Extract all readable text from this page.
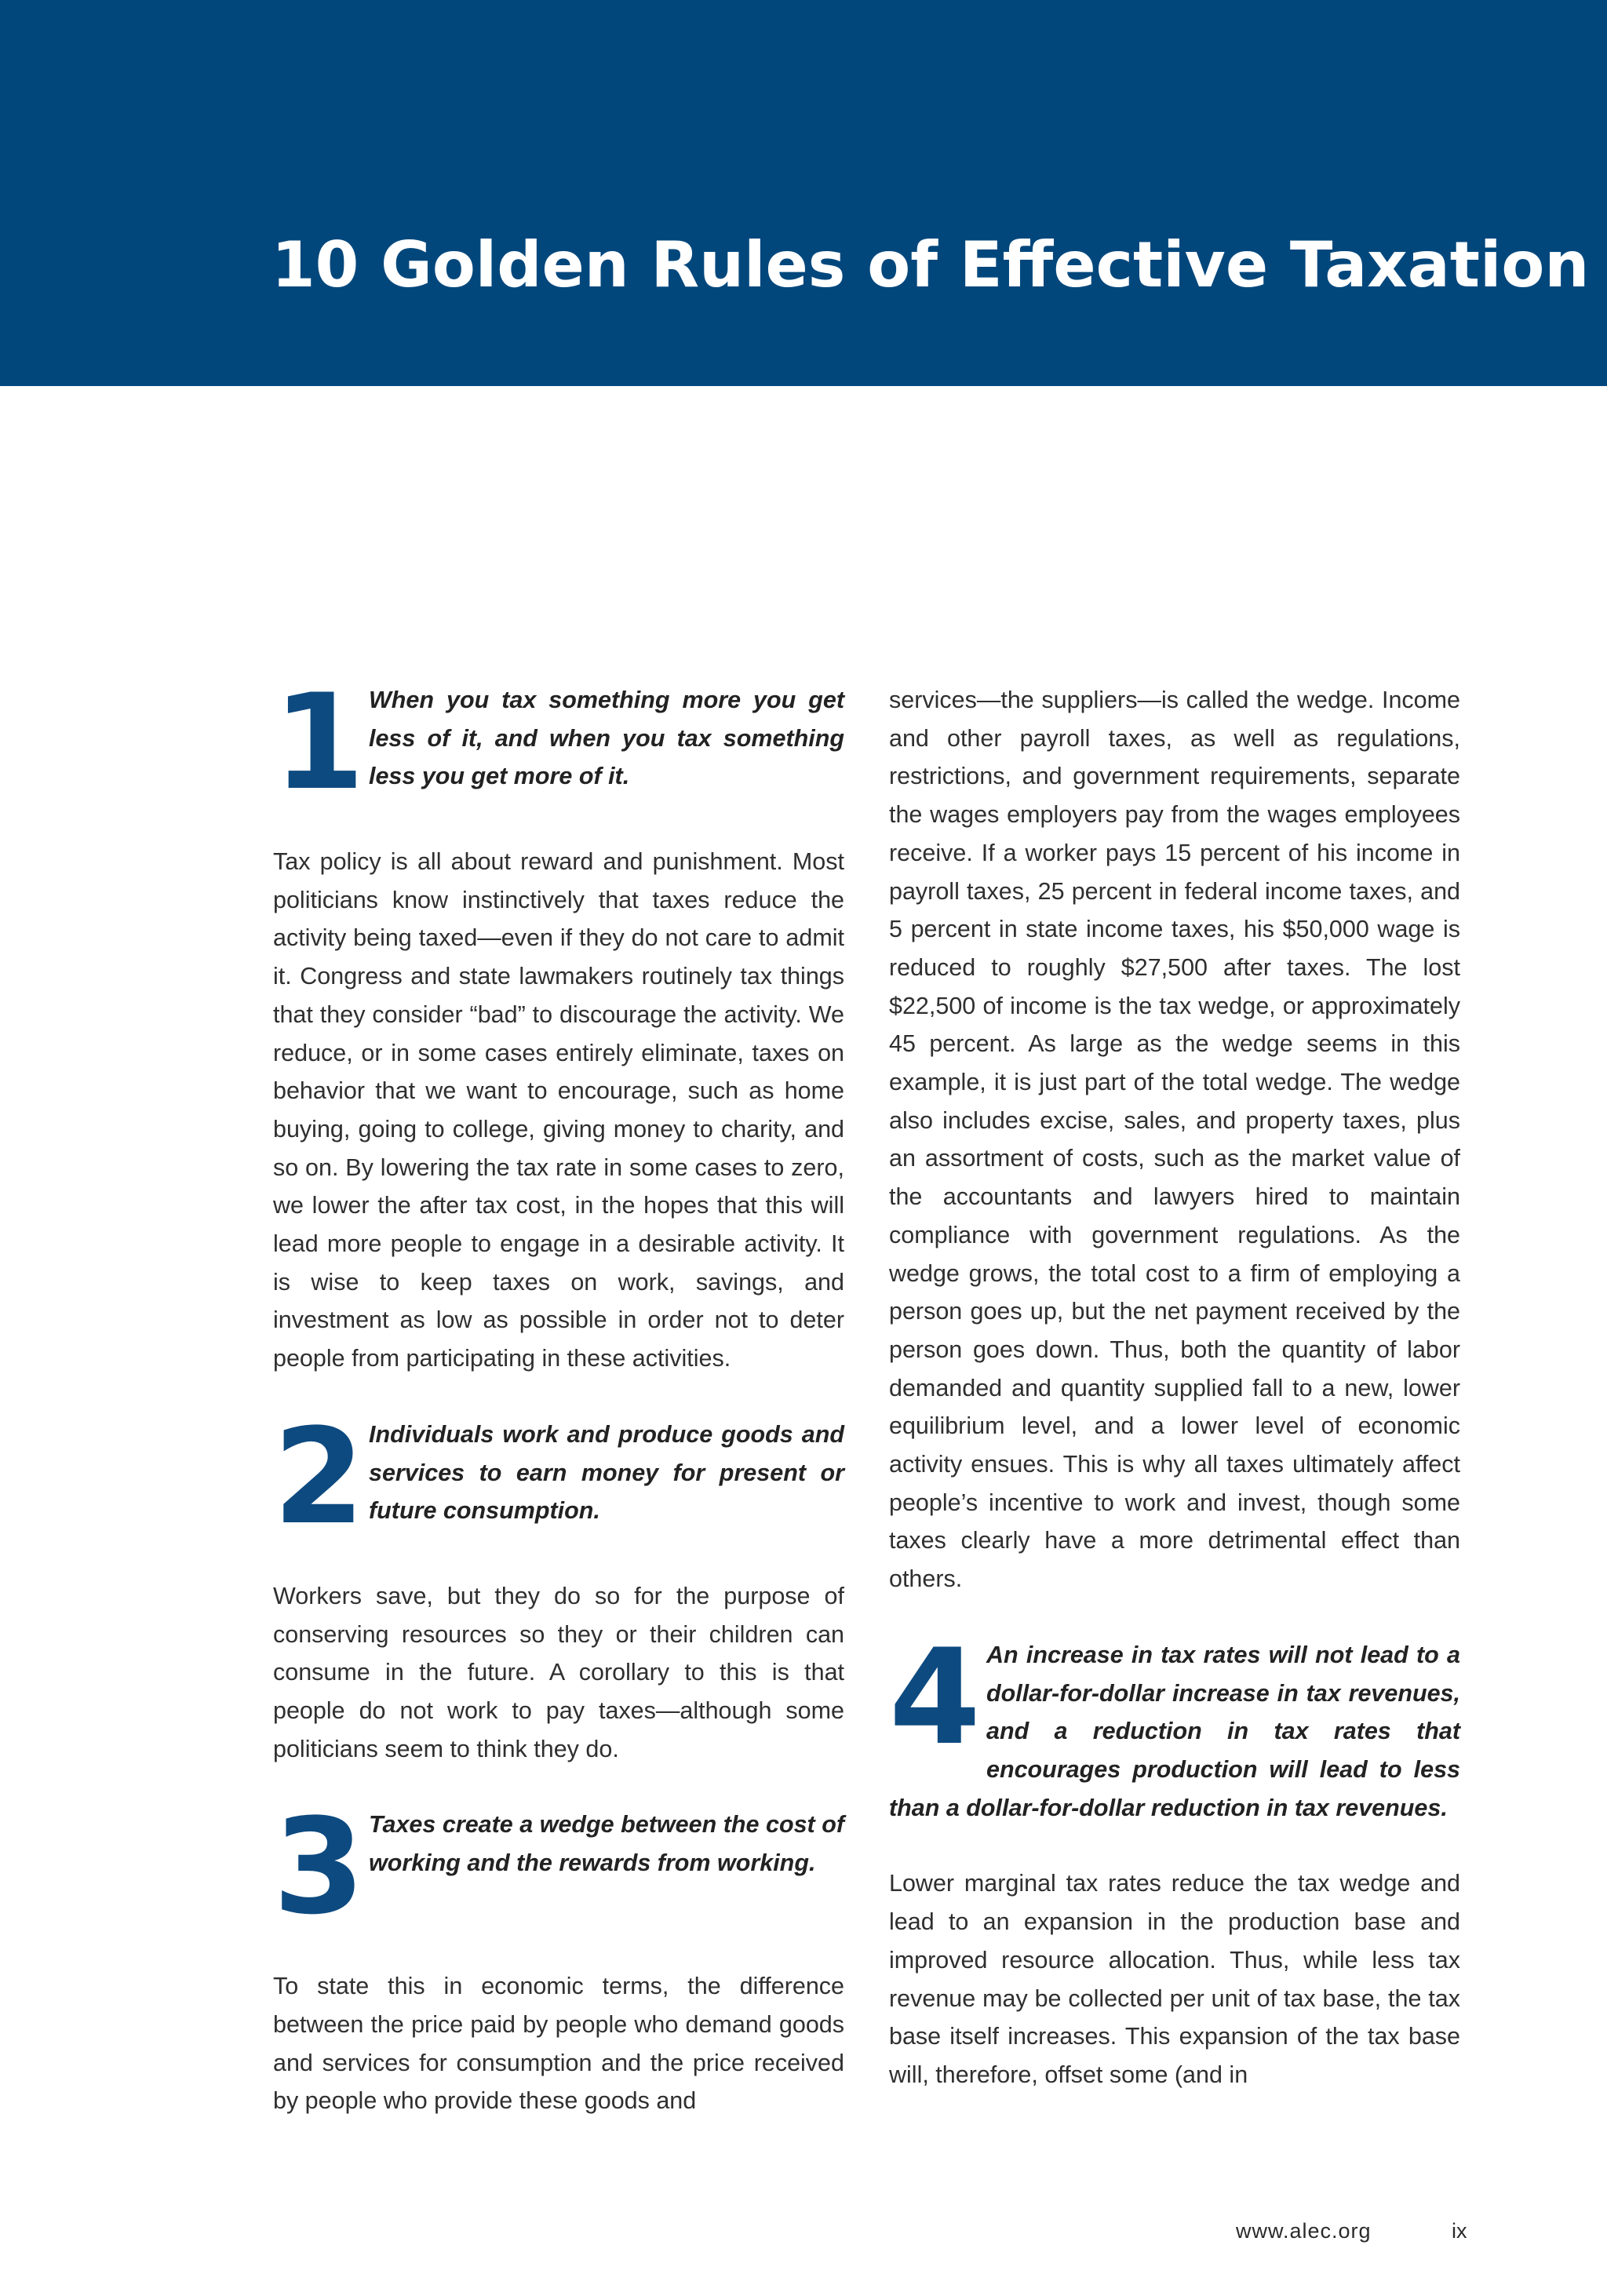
10 Golden Rules of Effective Taxation
1 When you tax something more you get less of it, and when you tax something less you get more of it.

Tax policy is all about reward and punishment. Most politicians know instinctively that taxes reduce the activity being taxed—even if they do not care to admit it. Congress and state lawmakers routinely tax things that they consider “bad” to discourage the activity. We reduce, or in some cases entirely eliminate, taxes on behavior that we want to encourage, such as home buying, going to college, giving money to charity, and so on. By lowering the tax rate in some cases to zero, we lower the after tax cost, in the hopes that this will lead more people to engage in a desirable activity. It is wise to keep taxes on work, savings, and investment as low as possible in order not to deter people from participating in these activities.

2 Individuals work and produce goods and services to earn money for present or future consumption.

Workers save, but they do so for the purpose of conserving resources so they or their children can consume in the future. A corollary to this is that people do not work to pay taxes—although some politicians seem to think they do.

3 Taxes create a wedge between the cost of working and the rewards from working.

To state this in economic terms, the difference between the price paid by people who demand goods and services for consumption and the price received by people who provide these goods and

services—the suppliers—is called the wedge. Income and other payroll taxes, as well as regulations, restrictions, and government requirements, separate the wages employers pay from the wages employees receive. If a worker pays 15 percent of his income in payroll taxes, 25 percent in federal income taxes, and 5 percent in state income taxes, his $50,000 wage is reduced to roughly $27,500 after taxes. The lost $22,500 of income is the tax wedge, or approximately 45 percent. As large as the wedge seems in this example, it is just part of the total wedge. The wedge also includes excise, sales, and property taxes, plus an assortment of costs, such as the market value of the accountants and lawyers hired to maintain compliance with government regulations. As the wedge grows, the total cost to a firm of employing a person goes up, but the net payment received by the person goes down. Thus, both the quantity of labor demanded and quantity supplied fall to a new, lower equilibrium level, and a lower level of economic activity ensues. This is why all taxes ultimately affect people’s incentive to work and invest, though some taxes clearly have a more detrimental effect than others.

4 An increase in tax rates will not lead to a dollar-for-dollar increase in tax revenues, and a reduction in tax rates that encourages production will lead to less than a dollar-for-dollar reduction in tax revenues.

Lower marginal tax rates reduce the tax wedge and lead to an expansion in the production base and improved resource allocation. Thus, while less tax revenue may be collected per unit of tax base, the tax base itself increases. This expansion of the tax base will, therefore, offset some (and in

www.alec.org	ix
